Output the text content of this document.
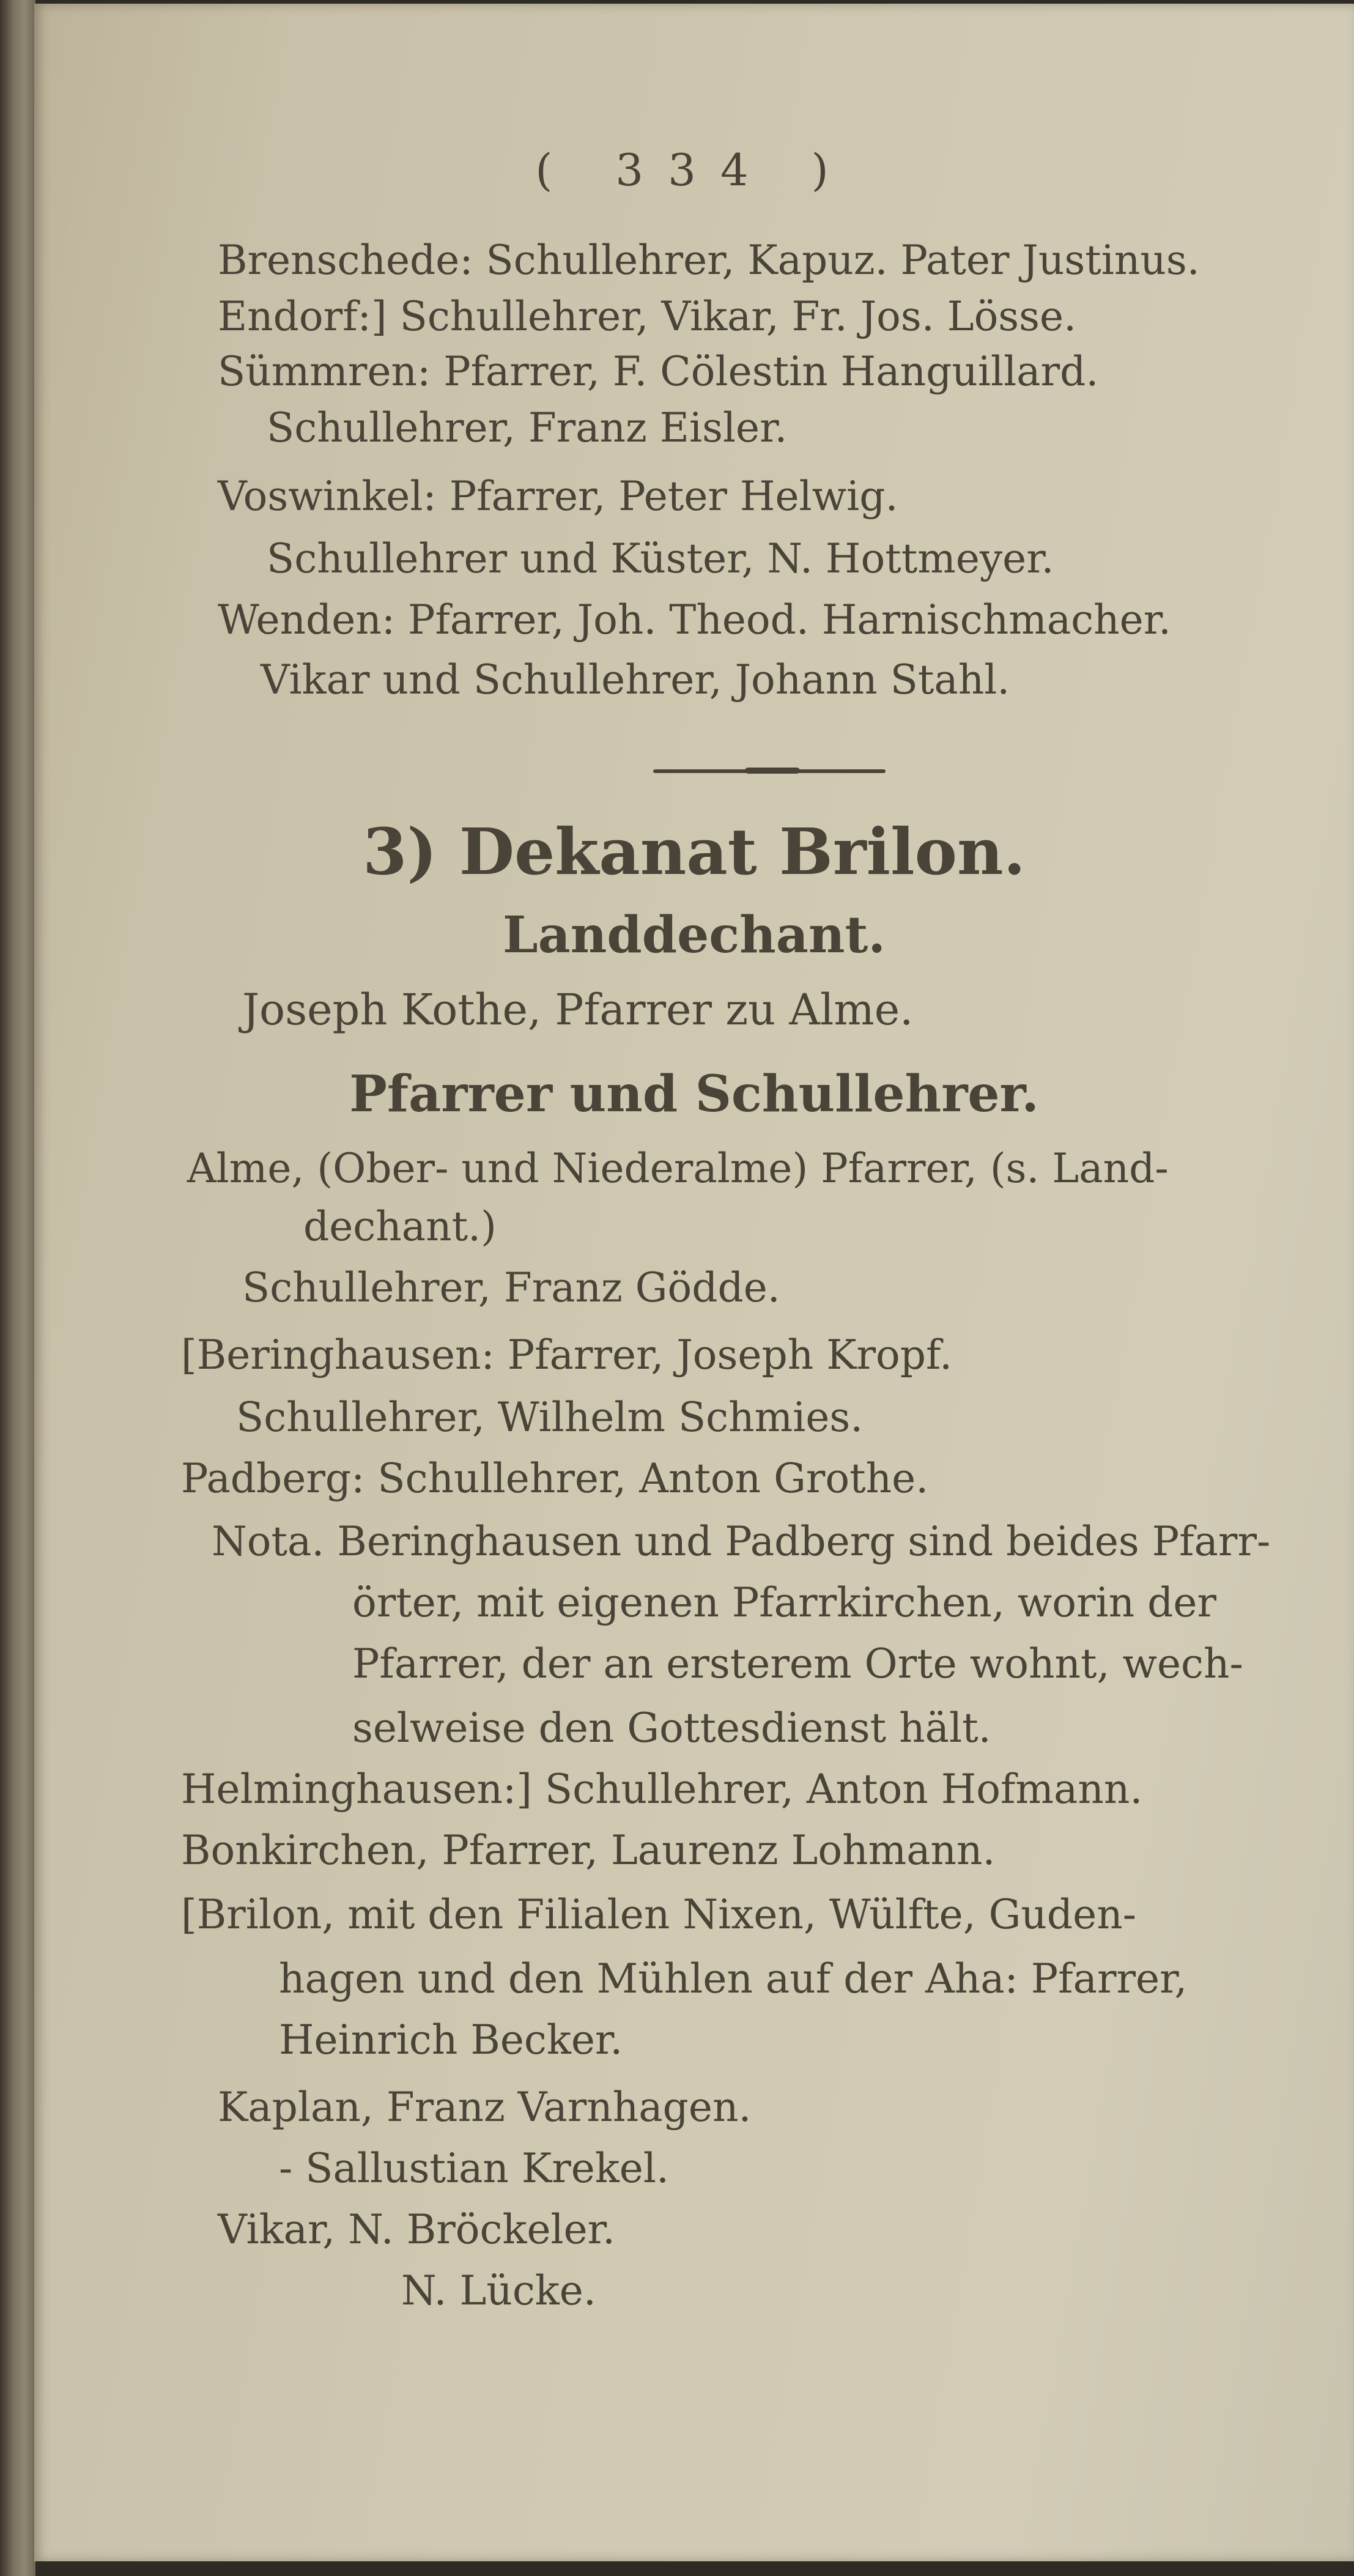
( 334 )
Brenschede: Schullehrer, Kapuz. Pater Justinus.
Endorf:] Schullehrer, Vikar, Fr. Jos. Lösse.
Sümmren: Pfarrer, F. Cölestin Hanguillard.
Schullehrer, Franz Eisler.
Voswinkel: Pfarrer, Peter Helwig.
Schullehrer und Küster, N. Hottmeyer.
Wenden: Pfarrer, Joh. Theod. Harnischmacher.
Vikar und Schullehrer, Johann Stahl.
3) Dekanat Brilon.
Landdechant.
Joseph Kothe, Pfarrer zu Alme.
Pfarrer und Schullehrer.
Alme, (Ober- und Niederalme) Pfarrer, (s. Land-
dechant.)
Schullehrer, Franz Gödde.
[Beringhausen: Pfarrer, Joseph Kropf.
Schullehrer, Wilhelm Schmies.
Padberg: Schullehrer, Anton Grothe.
Nota. Beringhausen und Padberg sind beides Pfarr-
örter, mit eigenen Pfarrkirchen, worin der
Pfarrer, der an ersterem Orte wohnt, wech-
selweise den Gottesdienst hält.
Helminghausen:] Schullehrer, Anton Hofmann.
Bonkirchen, Pfarrer, Laurenz Lohmann.
[Brilon, mit den Filialen Nixen, Wülfte, Guden-
hagen und den Mühlen auf der Aha: Pfarrer,
Heinrich Becker.
Kaplan, Franz Varnhagen.
- Sallustian Krekel.
Vikar, N. Bröckeler.
N. Lücke.
